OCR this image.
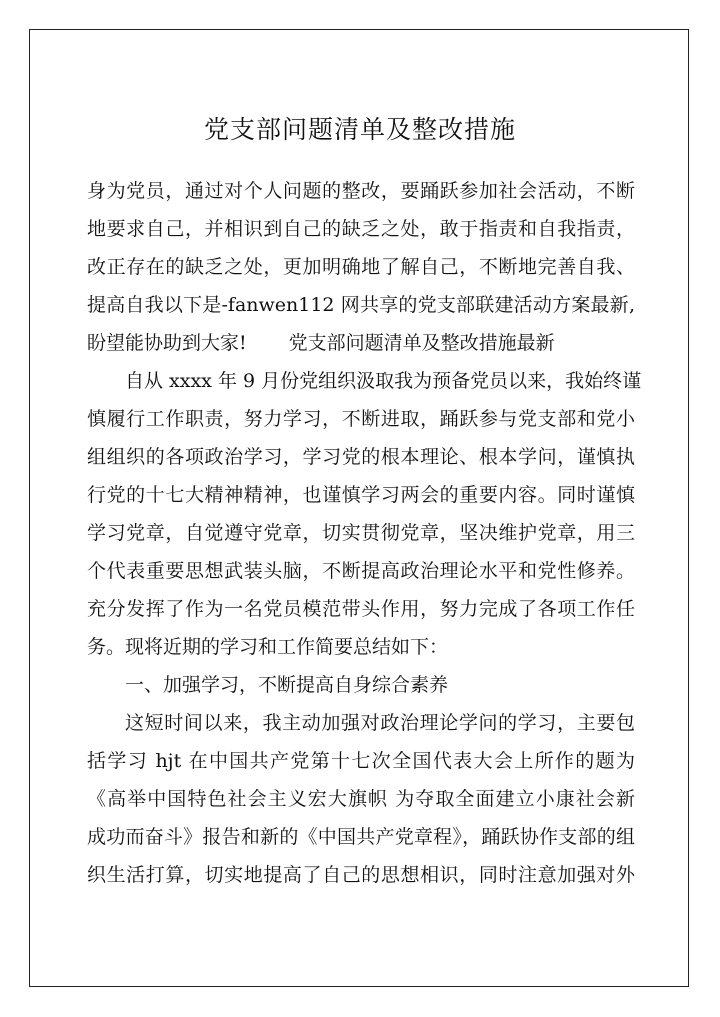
党支部问题清单及整改措施
身为党员，通过对个人问题的整改，要踊跃参加社会活动，不断
地要求自己，并相识到自己的缺乏之处，敢于指责和自我指责，
改正存在的缺乏之处，更加明确地了解自己，不断地完善自我、
提高自我以下是-fanwen112 网共享的党支部联建活动方案最新,
盼望能协助到大家! 党支部问题清单及整改措施最新
自从 xxxx 年 9 月份党组织汲取我为预备党员以来，我始终谨
慎履行工作职责，努力学习，不断进取，踊跃参与党支部和党小
组组织的各项政治学习，学习党的根本理论、根本学问，谨慎执
行党的十七大精神精神，也谨慎学习两会的重要内容。同时谨慎
学习党章，自觉遵守党章，切实贯彻党章，坚决维护党章，用三
个代表重要思想武装头脑，不断提高政治理论水平和党性修养。
充分发挥了作为一名党员模范带头作用，努力完成了各项工作任
务。现将近期的学习和工作简要总结如下：
一、加强学习，不断提高自身综合素养
这短时间以来，我主动加强对政治理论学问的学习，主要包
括学习 hjt 在中国共产党第十七次全国代表大会上所作的题为
《高举中国特色社会主义宏大旗帜 为夺取全面建立小康社会新
成功而奋斗》报告和新的《中国共产党章程》，踊跃协作支部的组
织生活打算，切实地提高了自己的思想相识，同时注意加强对外
